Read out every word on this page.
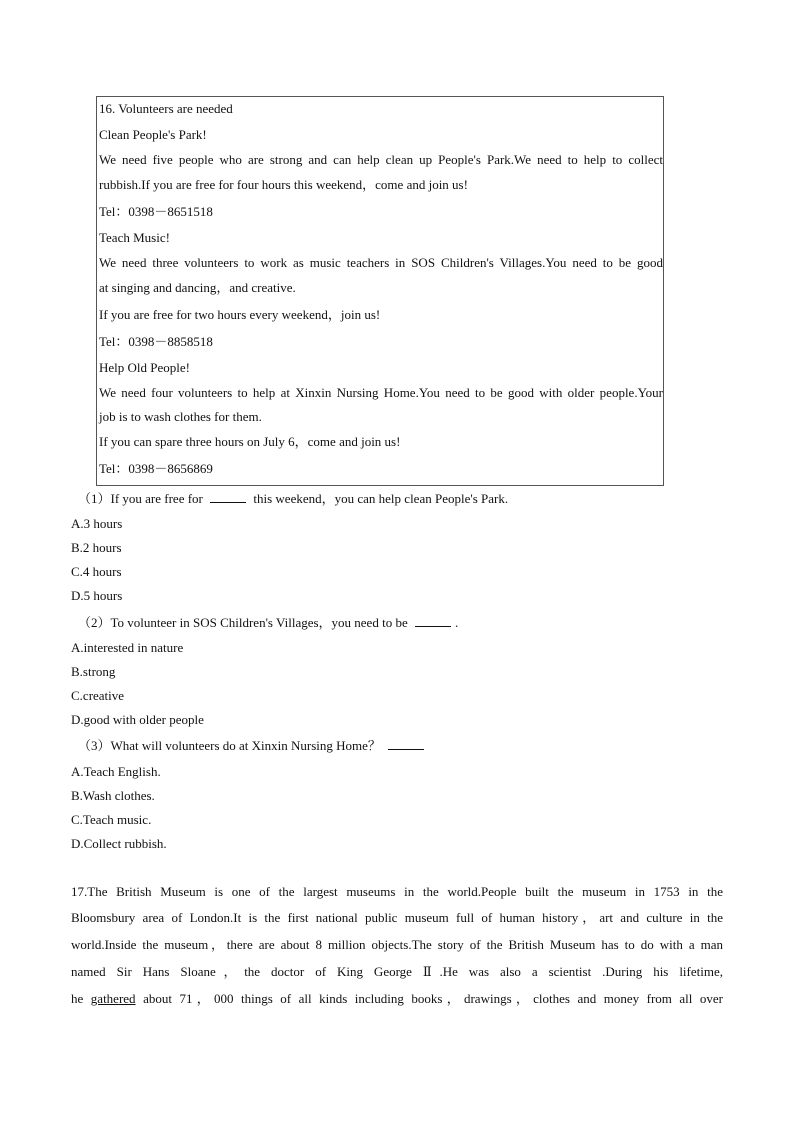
16. Volunteers are needed
Clean People's Park!
We need five people who are strong and can help clean up People's Park.We need to help to collect
rubbish.If you are free for four hours this weekend，come and join us!
Tel：0398－8651518
Teach Music!
We need three volunteers to work as music teachers in SOS Children's Villages.You need to be good
at singing and dancing，and creative.
If you are free for two hours every weekend，join us!
Tel：0398－8858518
Help Old People!
We need four volunteers to help at Xinxin Nursing Home.You need to be good with older people.Your
job is to wash clothes for them.
If you can spare three hours on July 6，come and join us!
Tel：0398－8656869
（1）If you are free for	this weekend，you can help clean People's Park.
A.3 hours
B.2 hours
C.4 hours
D.5 hours
（2）To volunteer in SOS Children's Villages，you need to be	.
A.interested in nature
B.strong
C.creative
D.good with older people
（3）What will volunteers do at Xinxin Nursing Home？
A.Teach English.
B.Wash clothes.
C.Teach music.
D.Collect rubbish.
17.The British Museum is one of the largest museums in the world.People built the museum in 1753 in the
Bloomsbury area of London.It is the first national public museum full of human history，art and culture in the
world.Inside the museum，there are about 8 million objects.The story of the British Museum has to do with a man
named Sir Hans Sloane，the doctor of King George Ⅱ.He was also a scientist .During his lifetime,
he gathered about 71，000 things of all kinds including books，drawings，clothes and money from all over
